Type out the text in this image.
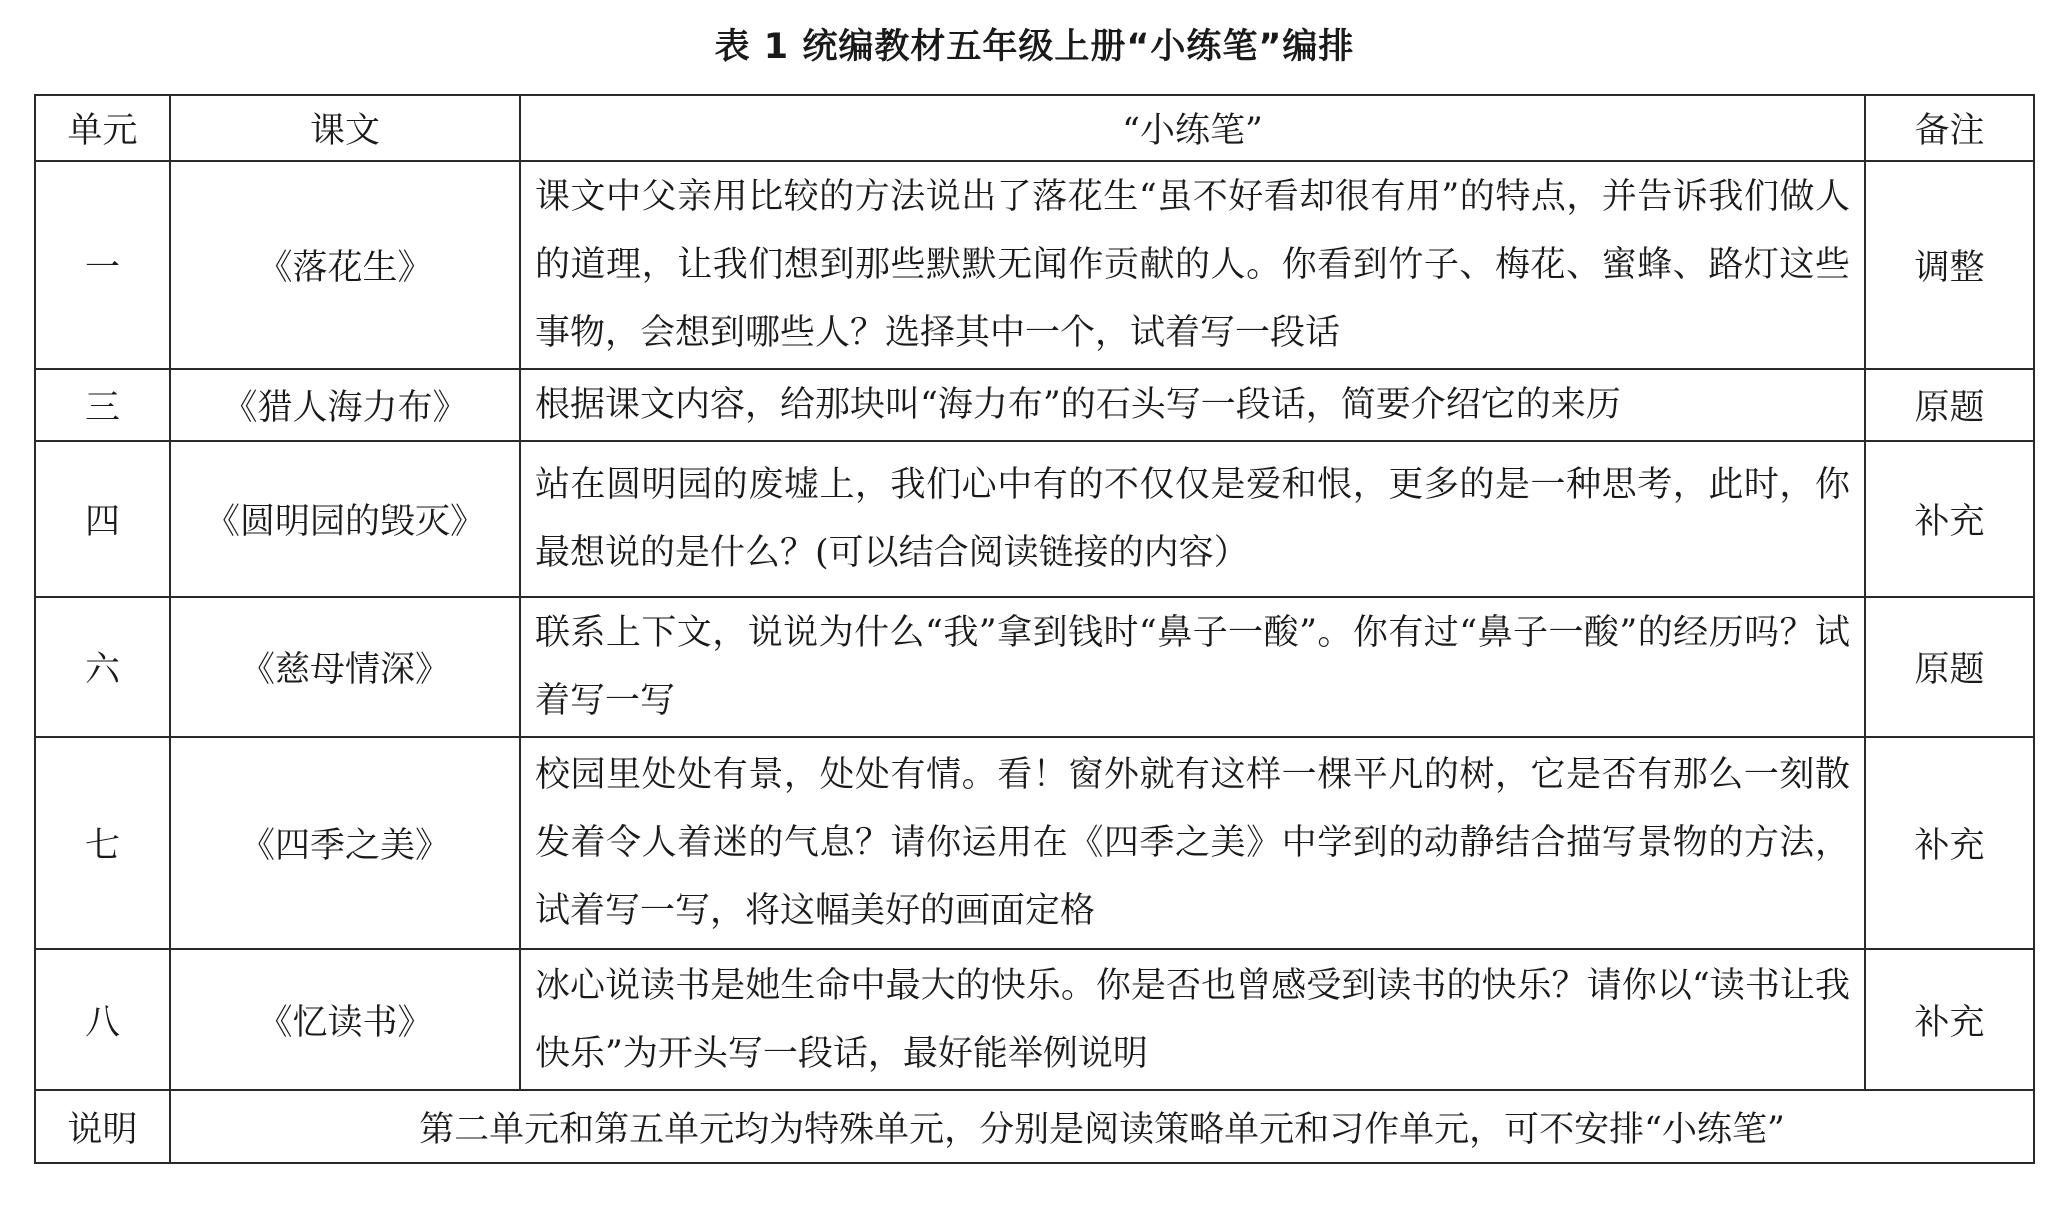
表 1 统编教材五年级上册“小练笔”编排
单元	课文	“小练笔”	备注
一	《落花生》	课文中父亲用比较的方法说出了落花生“虽不好看却很有用”的特点，并告诉我们做人的道理，让我们想到那些默默无闻作贡献的人。你看到竹子、梅花、蜜蜂、路灯这些事物，会想到哪些人？选择其中一个，试着写一段话	调整
三	《猎人海力布》	根据课文内容，给那块叫“海力布”的石头写一段话，简要介绍它的来历	原题
四	《圆明园的毁灭》	站在圆明园的废墟上，我们心中有的不仅仅是爱和恨，更多的是一种思考，此时，你最想说的是什么？(可以结合阅读链接的内容）	补充
六	《慈母情深》	联系上下文，说说为什么“我”拿到钱时“鼻子一酸”。你有过“鼻子一酸”的经历吗？试着写一写	原题
七	《四季之美》	校园里处处有景，处处有情。看！窗外就有这样一棵平凡的树，它是否有那么一刻散发着令人着迷的气息？请你运用在《四季之美》中学到的动静结合描写景物的方法，试着写一写，将这幅美好的画面定格	补充
八	《忆读书》	冰心说读书是她生命中最大的快乐。你是否也曾感受到读书的快乐？请你以“读书让我快乐”为开头写一段话，最好能举例说明	补充
说明	第二单元和第五单元均为特殊单元，分别是阅读策略单元和习作单元，可不安排“小练笔”		
